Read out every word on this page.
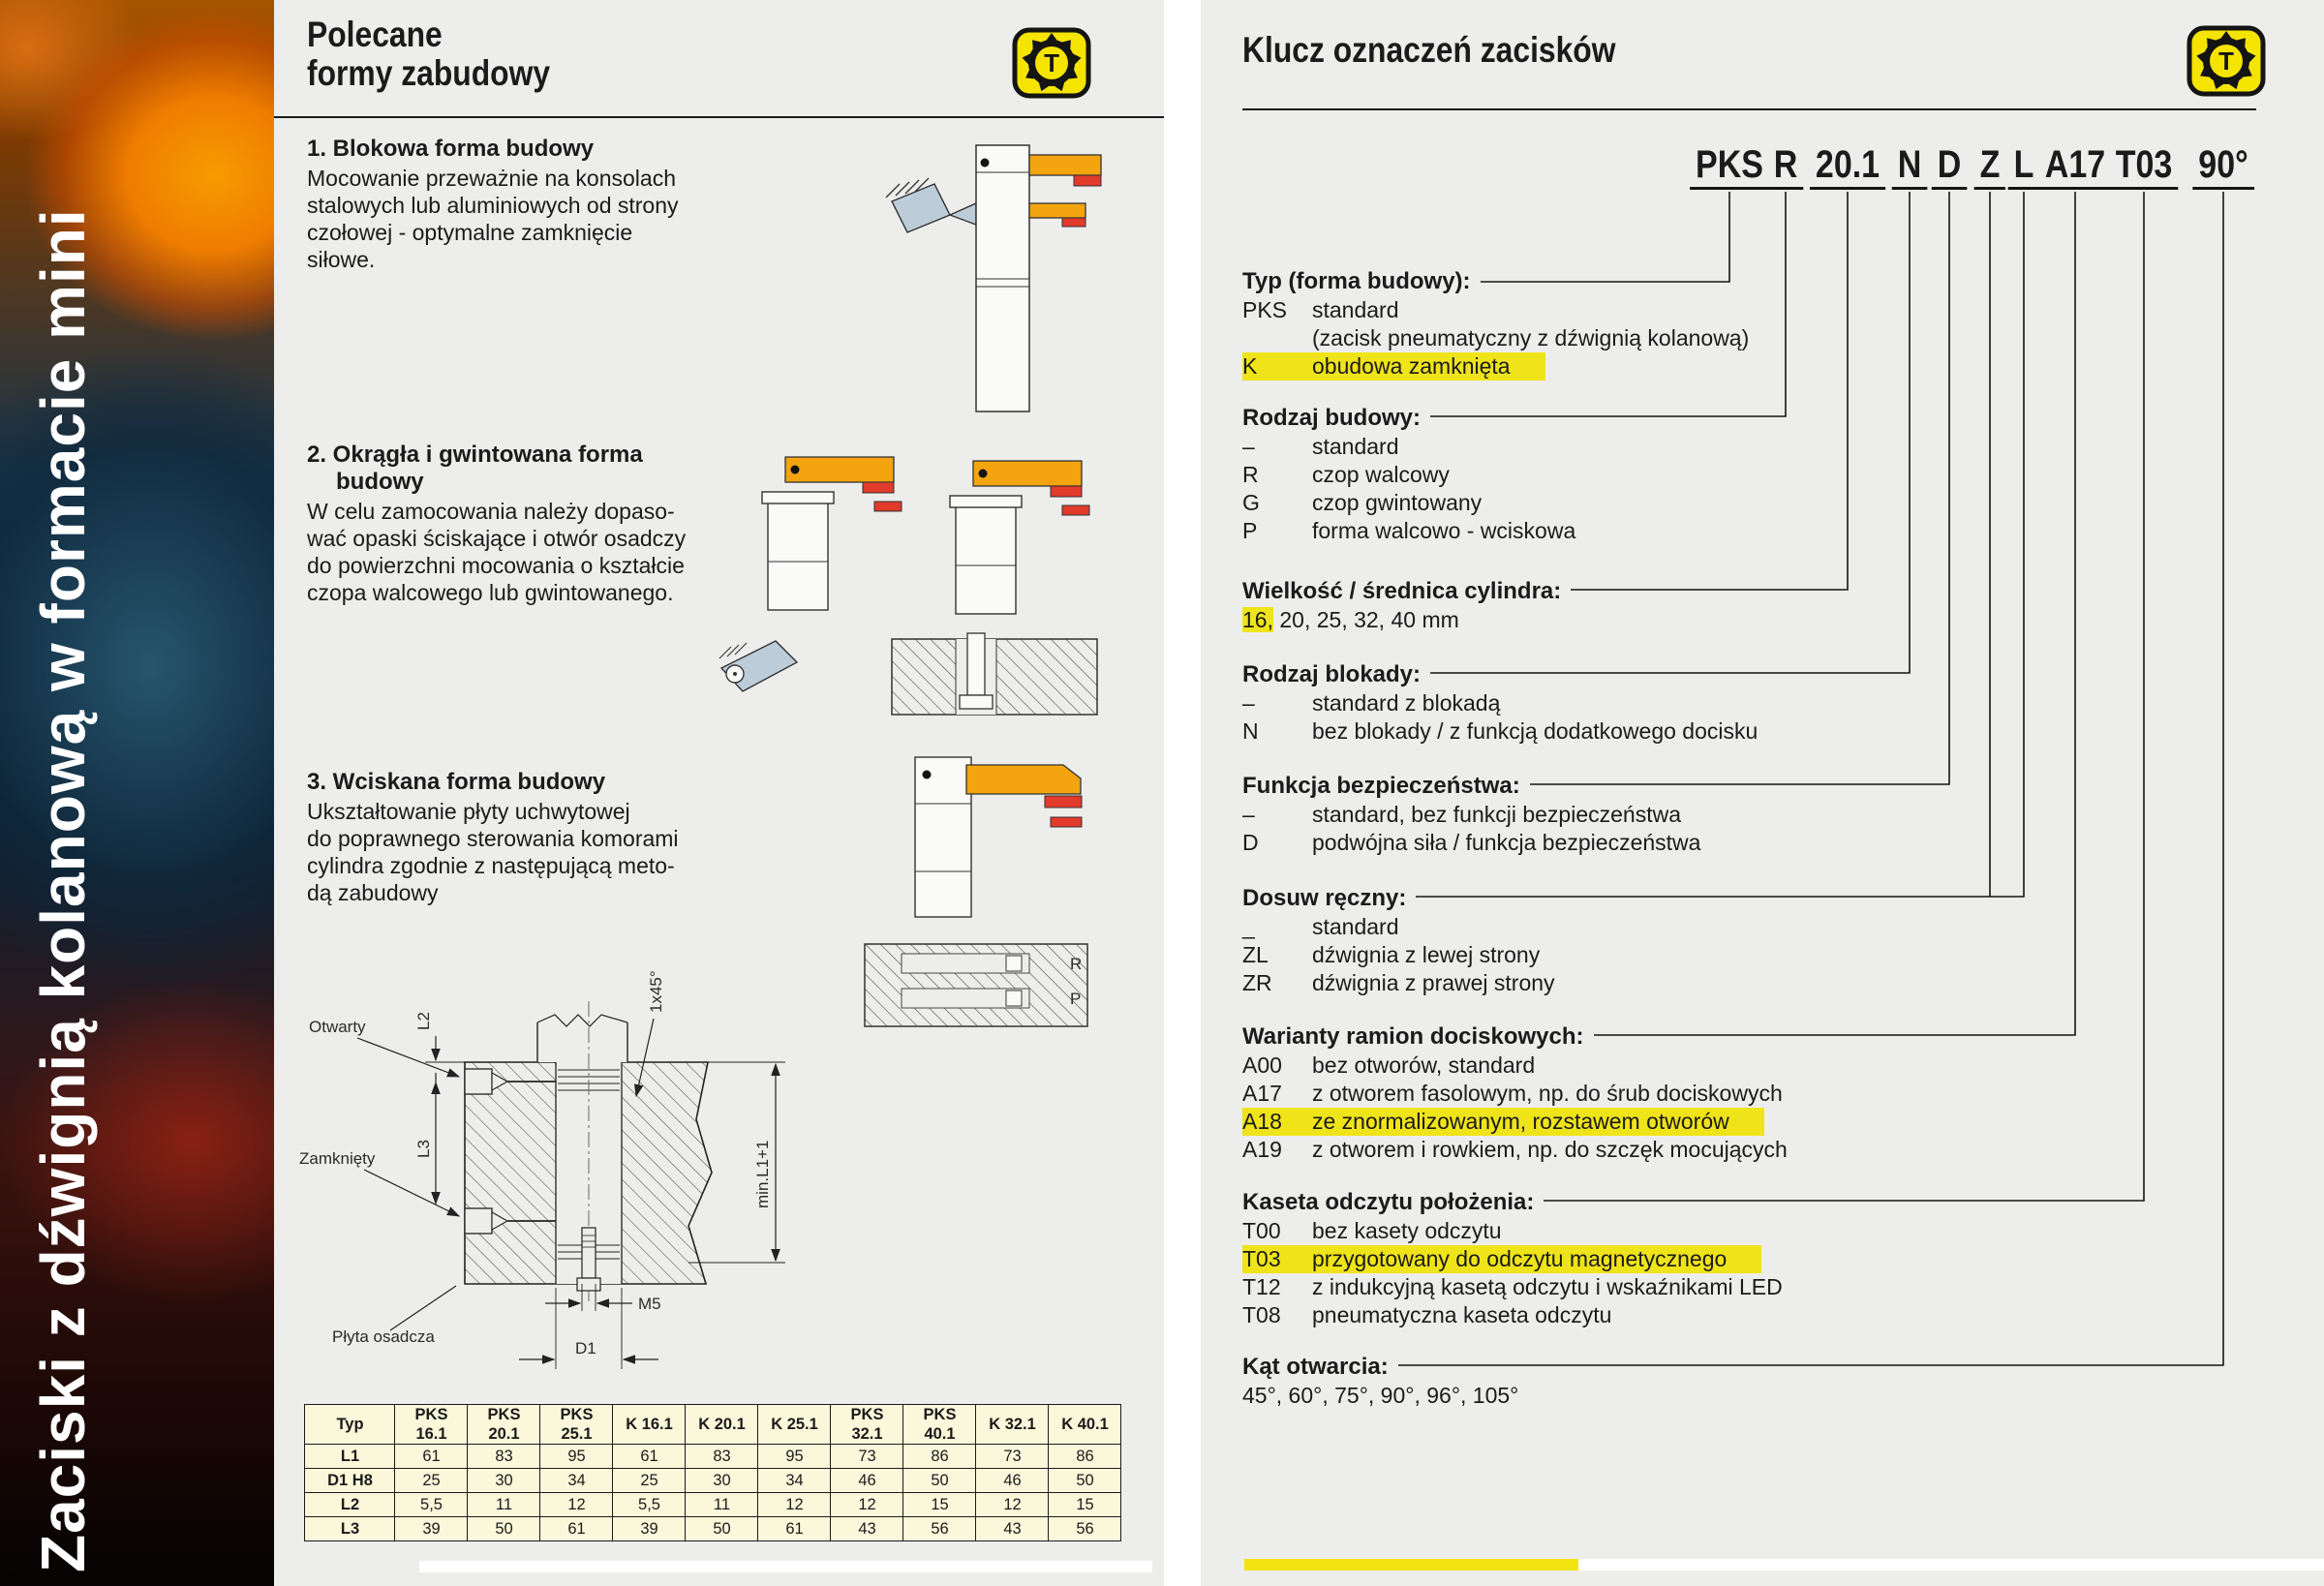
Zaciski z dźwignią kolanową w formacie mini
Polecane
formy zabudowy	T
1. Blokowa forma budowy
Mocowanie przeważnie na konsolach
stalowych lub aluminiowych od strony
czołowej - optymalne zamknięcie
siłowe.
2. Okrągła i gwintowana forma
budowy
W celu zamocowania należy dopaso-
wać opaski ściskające i otwór osadczy
do powierzchni mocowania o kształcie
czopa walcowego lub gwintowanego.
3. Wciskana forma budowy
Ukształtowanie płyty uchwytowej
do poprawnego sterowania komorami
cylindra zgodnie z następującą meto-
dą zabudowy
R
P
L2
Otwarty
L3
Zamknięty
Płyta osadcza
1x45°
min.L1+1
M5
D1
Typ	PKS 16.1	PKS 20.1	PKS 25.1	K 16.1	K 20.1	K 25.1	PKS 32.1	PKS 40.1	K 32.1	K 40.1
L1	61	83	95	61	83	95	73	86	73	86
D1 H8	25	30	34	25	30	34	46	50	46	50
L2	5,5	11	12	5,5	11	12	12	15	12	15
L3	39	50	61	39	50	61	43	56	43	56
Klucz oznaczeń zacisków	T
PKS R 20.1 N D Z L A17 T03 90°
Typ (forma budowy):
PKS	standard
(zacisk pneumatyczny z dźwignią kolanową)
K	obudowa zamknięta
Rodzaj budowy:
–	standard
R	czop walcowy
G	czop gwintowany
P	forma walcowo - wciskowa
Wielkość / średnica cylindra:
16, 20, 25, 32, 40 mm
Rodzaj blokady:
–	standard z blokadą
N	bez blokady / z funkcją dodatkowego docisku
Funkcja bezpieczeństwa:
–	standard, bez funkcji bezpieczeństwa
D	podwójna siła / funkcja bezpieczeństwa
Dosuw ręczny:
_	standard
ZL	dźwignia z lewej strony
ZR	dźwignia z prawej strony
Warianty ramion dociskowych:
A00	bez otworów, standard
A17	z otworem fasolowym, np. do śrub dociskowych
A18	ze znormalizowanym, rozstawem otworów
A19	z otworem i rowkiem, np. do szczęk mocujących
Kaseta odczytu położenia:
T00	bez kasety odczytu
T03	przygotowany do odczytu magnetycznego
T12	z indukcyjną kasetą odczytu i wskaźnikami LED
T08	pneumatyczna kaseta odczytu
Kąt otwarcia:
45°, 60°, 75°, 90°, 96°, 105°
